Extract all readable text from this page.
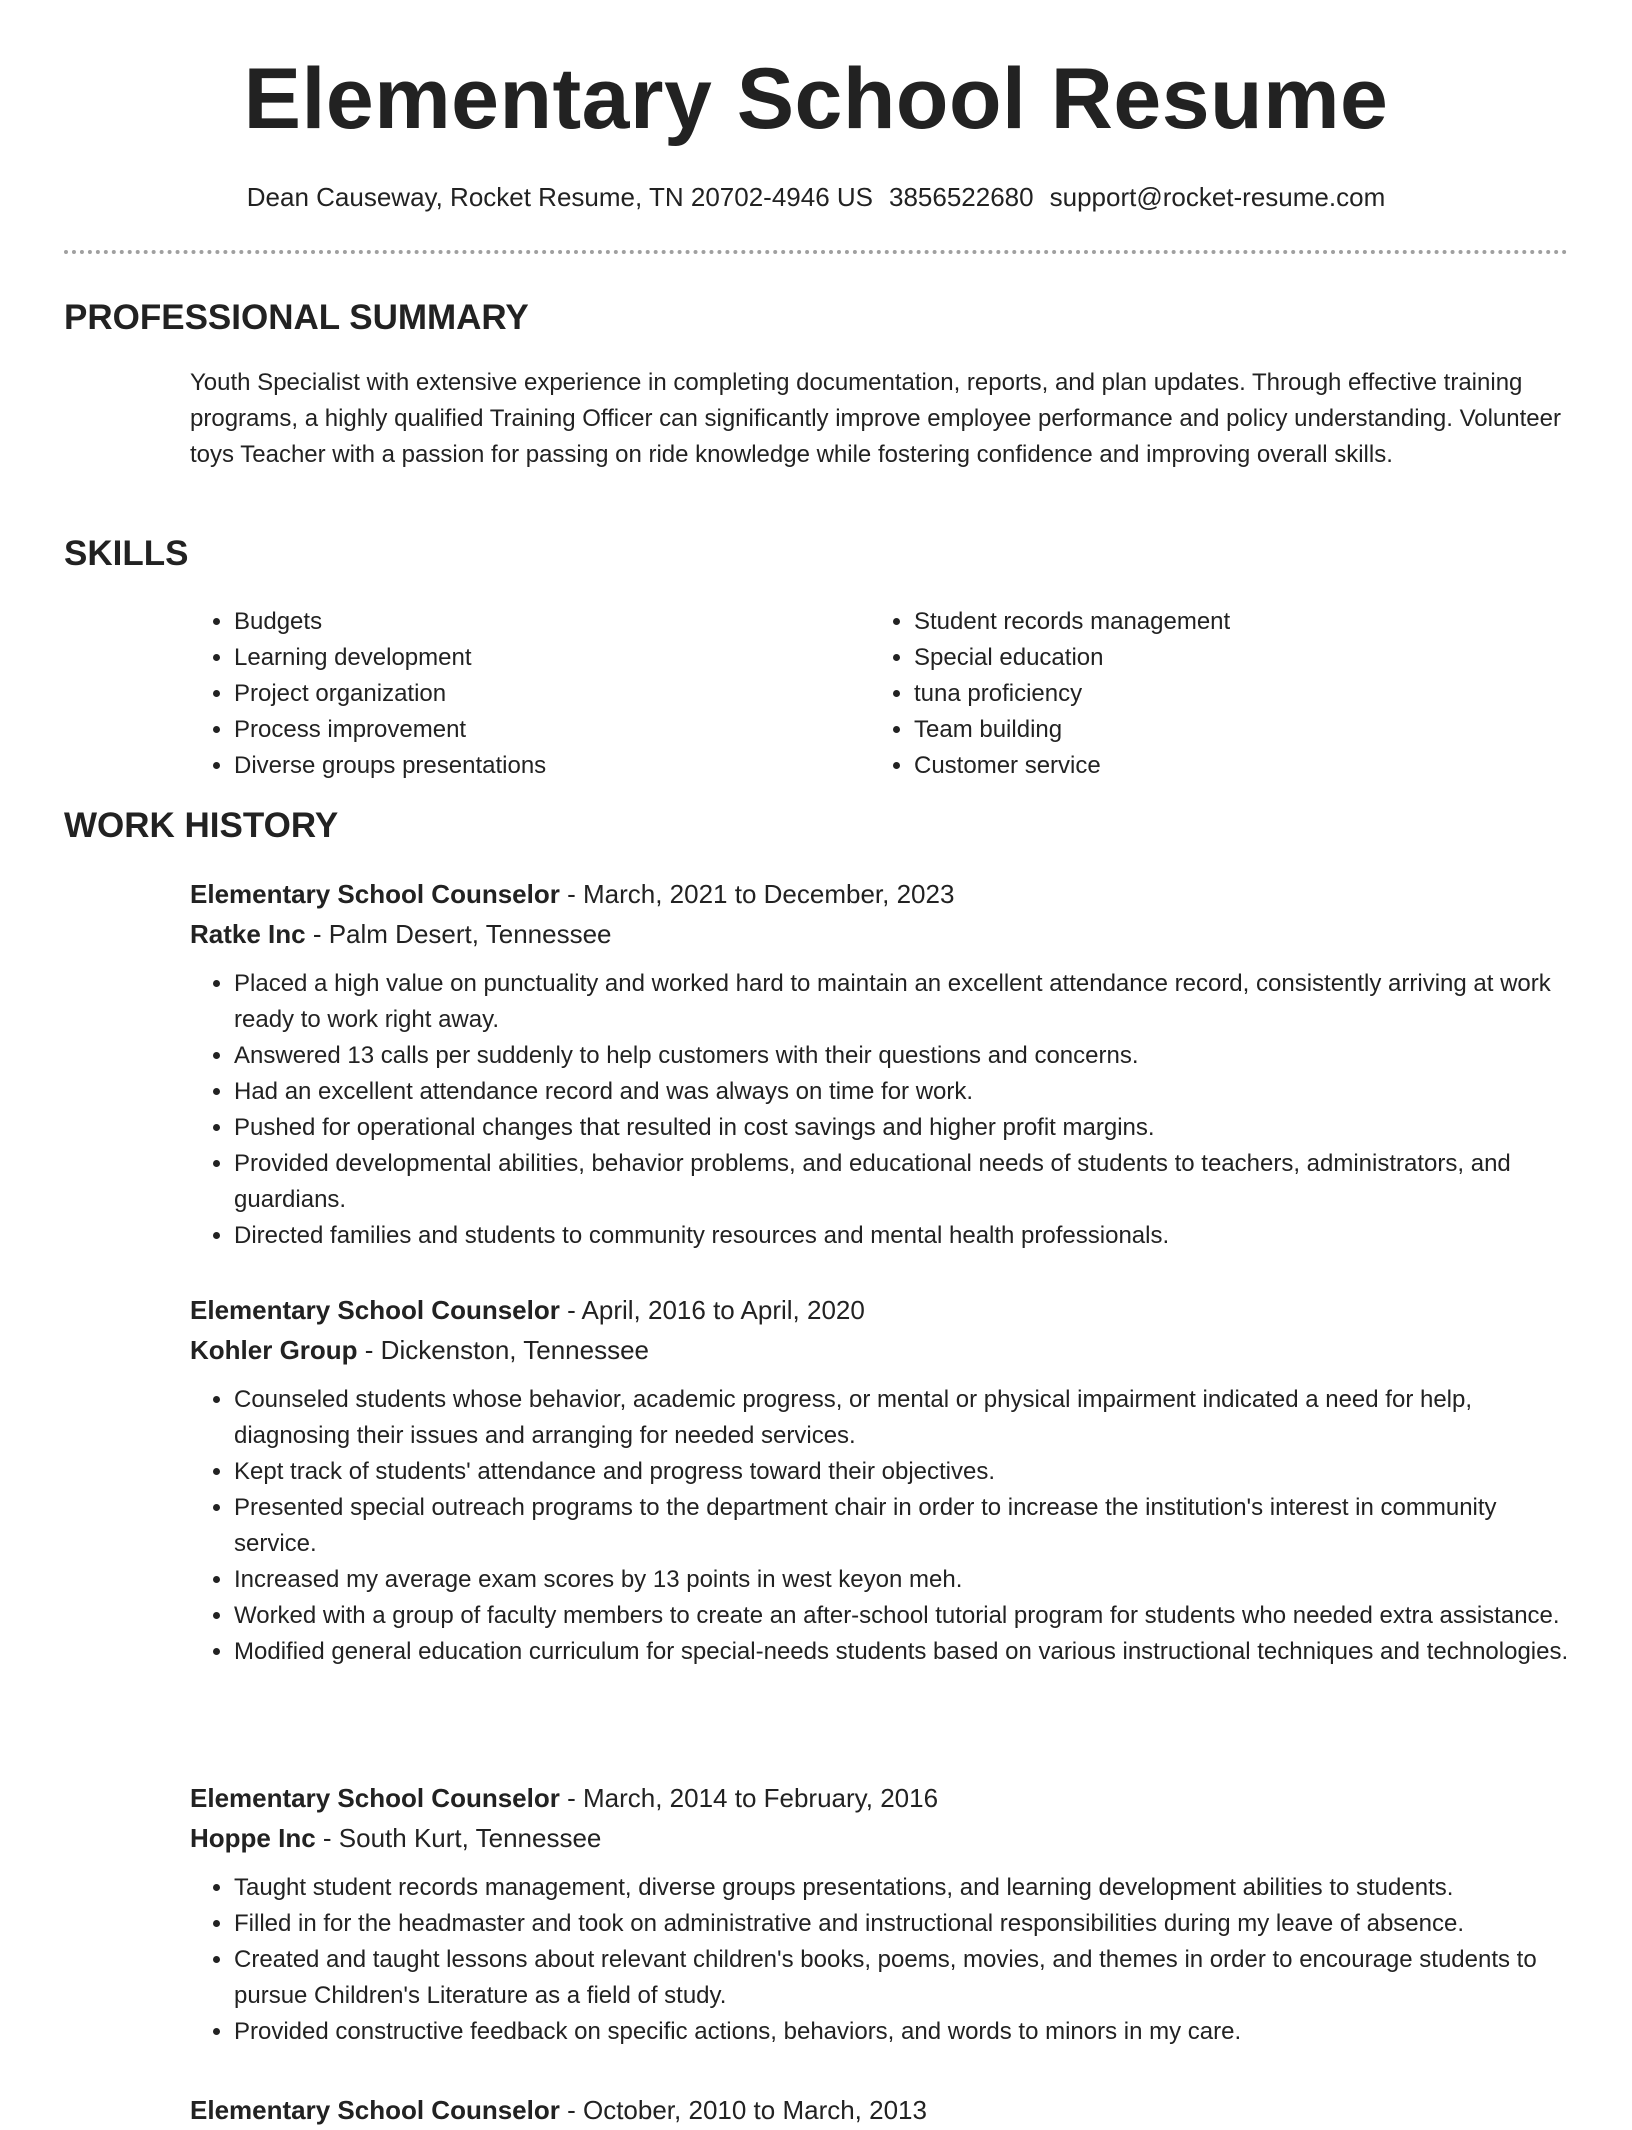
Elementary School Resume
Dean Causeway, Rocket Resume, TN 20702-4946 US 3856522680 support@rocket-resume.com
PROFESSIONAL SUMMARY
Youth Specialist with extensive experience in completing documentation, reports, and plan updates. Through effective training programs, a highly qualified Training Officer can significantly improve employee performance and policy understanding. Volunteer toys Teacher with a passion for passing on ride knowledge while fostering confidence and improving overall skills.
SKILLS
• Budgets
• Learning development
• Project organization
• Process improvement
• Diverse groups presentations
• Student records management
• Special education
• tuna proficiency
• Team building
• Customer service
WORK HISTORY
Elementary School Counselor - March, 2021 to December, 2023
Ratke Inc - Palm Desert, Tennessee
• Placed a high value on punctuality and worked hard to maintain an excellent attendance record, consistently arriving at work ready to work right away.
• Answered 13 calls per suddenly to help customers with their questions and concerns.
• Had an excellent attendance record and was always on time for work.
• Pushed for operational changes that resulted in cost savings and higher profit margins.
• Provided developmental abilities, behavior problems, and educational needs of students to teachers, administrators, and guardians.
• Directed families and students to community resources and mental health professionals.
Elementary School Counselor - April, 2016 to April, 2020
Kohler Group - Dickenston, Tennessee
• Counseled students whose behavior, academic progress, or mental or physical impairment indicated a need for help, diagnosing their issues and arranging for needed services.
• Kept track of students' attendance and progress toward their objectives.
• Presented special outreach programs to the department chair in order to increase the institution's interest in community service.
• Increased my average exam scores by 13 points in west keyon meh.
• Worked with a group of faculty members to create an after-school tutorial program for students who needed extra assistance.
• Modified general education curriculum for special-needs students based on various instructional techniques and technologies.
Elementary School Counselor - March, 2014 to February, 2016
Hoppe Inc - South Kurt, Tennessee
• Taught student records management, diverse groups presentations, and learning development abilities to students.
• Filled in for the headmaster and took on administrative and instructional responsibilities during my leave of absence.
• Created and taught lessons about relevant children's books, poems, movies, and themes in order to encourage students to pursue Children's Literature as a field of study.
• Provided constructive feedback on specific actions, behaviors, and words to minors in my care.
Elementary School Counselor - October, 2010 to March, 2013
